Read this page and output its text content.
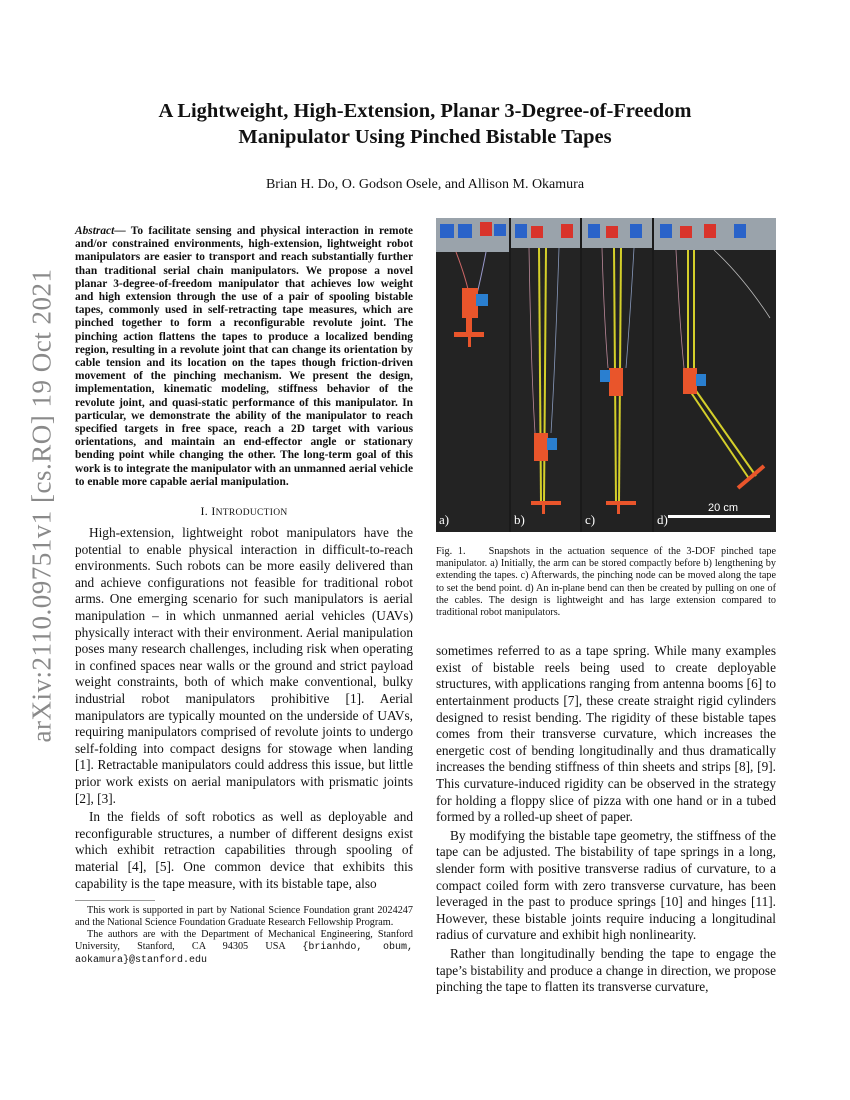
arXiv:2110.09751v1 [cs.RO] 19 Oct 2021
A Lightweight, High-Extension, Planar 3-Degree-of-Freedom Manipulator Using Pinched Bistable Tapes
Brian H. Do, O. Godson Osele, and Allison M. Okamura

Abstract— To facilitate sensing and physical interaction in remote and/or constrained environments, high-extension, lightweight robot manipulators are easier to transport and reach substantially further than traditional serial chain manipulators. We propose a novel planar 3-degree-of-freedom manipulator that achieves low weight and high extension through the use of a pair of spooling bistable tapes, commonly used in self-retracting tape measures, which are pinched together to form a reconfigurable revolute joint. The pinching action flattens the tapes to produce a localized bending region, resulting in a revolute joint that can change its orientation by cable tension and its location on the tapes though friction-driven movement of the pinching mechanism. We present the design, implementation, kinematic modeling, stiffness behavior of the revolute joint, and quasi-static performance of this manipulator. In particular, we demonstrate the ability of the manipulator to reach specified targets in free space, reach a 2D target with various orientations, and maintain an end-effector angle or stationary bending point while changing the other. The long-term goal of this work is to integrate the manipulator with an unmanned aerial vehicle to enable more capable aerial manipulation.

I. INTRODUCTION

High-extension, lightweight robot manipulators have the potential to enable physical interaction in difficult-to-reach environments. Such robots can be more easily delivered than and achieve configurations not feasible for traditional robot arms. One emerging scenario for such manipulators is aerial manipulation – in which unmanned aerial vehicles (UAVs) physically interact with their environment. Aerial manipulation poses many research challenges, including risk when operating in confined spaces near walls or the ground and strict payload weight constraints, both of which make conventional, bulky industrial robot manipulators prohibitive [1]. Aerial manipulators are typically mounted on the underside of UAVs, requiring manipulators comprised of revolute joints to undergo self-folding into compact designs for stowage when landing [1]. Retractable manipulators could address this issue, but little prior work exists on aerial manipulators with prismatic joints [2], [3].

In the fields of soft robotics as well as deployable and reconfigurable structures, a number of different designs exist which exhibit retraction capabilities through spooling of material [4], [5]. One common device that exhibits this capability is the tape measure, with its bistable tape, also

This work is supported in part by National Science Foundation grant 2024247 and the National Science Foundation Graduate Research Fellowship Program.

The authors are with the Department of Mechanical Engineering, Stanford University, Stanford, CA 94305 USA {brianhdo, obum, aokamura}@stanford.edu

a)	b)	c)	d)
20 cm

Fig. 1. Snapshots in the actuation sequence of the 3-DOF pinched tape manipulator. a) Initially, the arm can be stored compactly before b) lengthening by extending the tapes. c) Afterwards, the pinching node can be moved along the tape to set the bend point. d) An in-plane bend can then be created by pulling on one of the cables. The design is lightweight and has large extension compared to traditional robot manipulators.

sometimes referred to as a tape spring. While many examples exist of bistable reels being used to create deployable structures, with applications ranging from antenna booms [6] to entertainment products [7], these create straight rigid cylinders designed to resist bending. The rigidity of these bistable tapes comes from their transverse curvature, which increases the energetic cost of bending longitudinally and thus dramatically increases the bending stiffness of thin sheets and strips [8], [9]. This curvature-induced rigidity can be observed in the strategy for holding a floppy slice of pizza with one hand or in a tubed formed by a rolled-up sheet of paper.

By modifying the bistable tape geometry, the stiffness of the tape can be adjusted. The bistability of tape springs in a long, slender form with positive transverse radius of curvature, to a compact coiled form with zero transverse curvature, has been leveraged in the past to produce springs [10] and hinges [11]. However, these bistable joints require inducing a longitudinal radius of curvature and exhibit high nonlinearity.

Rather than longitudinally bending the tape to engage the tape’s bistability and produce a change in direction, we propose pinching the tape to flatten its transverse curvature,
